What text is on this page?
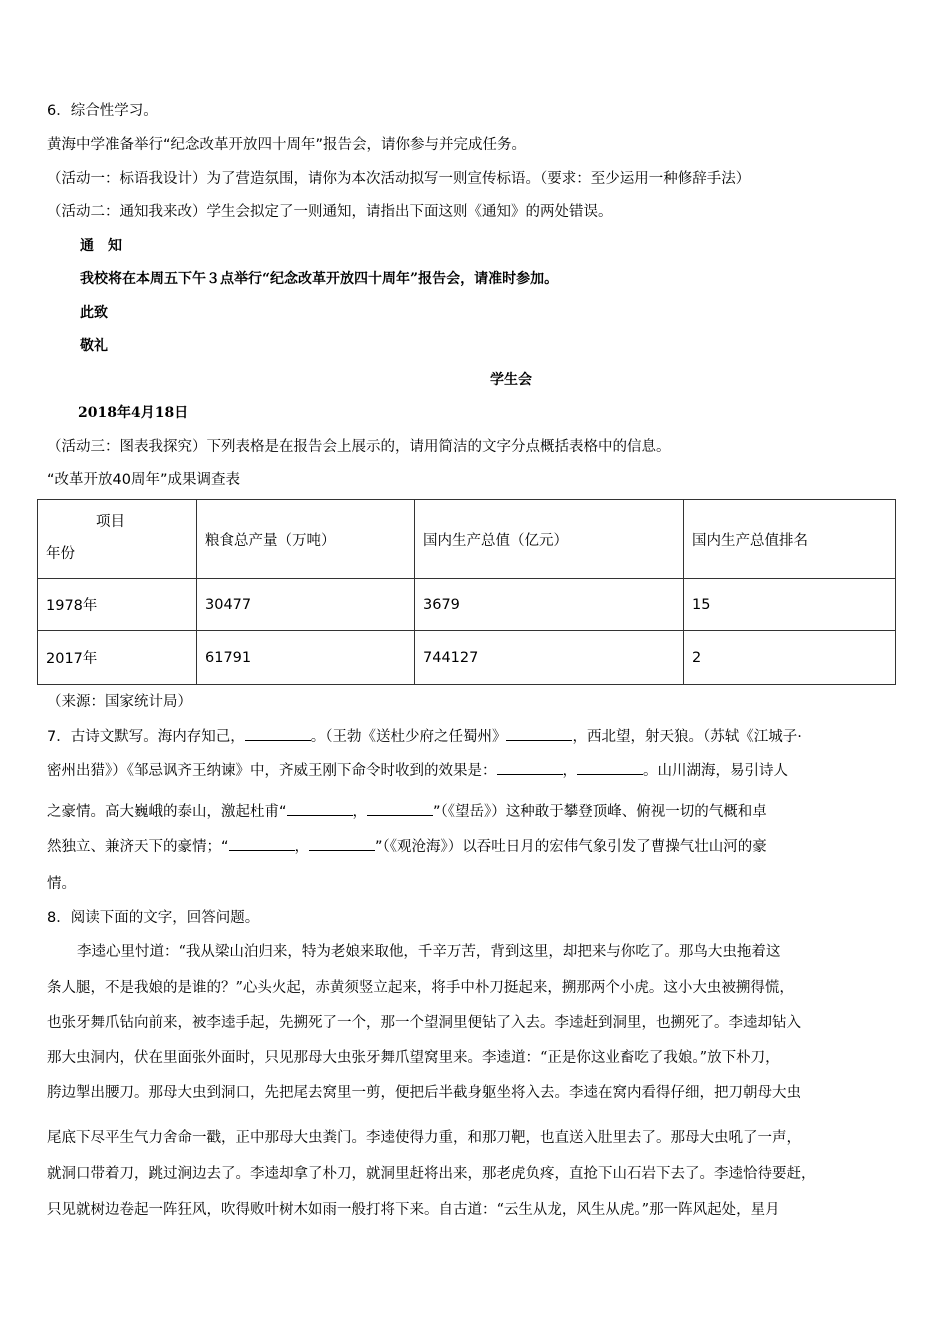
6．综合性学习。
黄海中学准备举行“纪念改革开放四十周年”报告会，请你参与并完成任务。
（活动一：标语我设计）为了营造氛围，请你为本次活动拟写一则宣传标语。（要求：至少运用一种修辞手法）
（活动二：通知我来改）学生会拟定了一则通知，请指出下面这则《通知》的两处错误。
通　知
我校将在本周五下午３点举行“纪念改革开放四十周年”报告会，请准时参加。
此致
敬礼
学生会
2018年4月18日
（活动三：图表我探究）下列表格是在报告会上展示的，请用简洁的文字分点概括表格中的信息。
“改革开放40周年”成果调查表
项目
年份	粮食总产量（万吨）	国内生产总值（亿元）	国内生产总值排名
1978年	30477	3679	15
2017年	61791	744127	2
（来源：国家统计局）
7．古诗文默写。海内存知己，	。（王勃《送杜少府之任蜀州》	，西北望，射天狼。（苏轼《江城子·
密州出猎》）《邹忌讽齐王纳谏》中，齐威王刚下命令时收到的效果是：	，	。山川湖海，易引诗人
之豪情。高大巍峨的泰山，激起杜甫“	，	”（《望岳》）这种敢于攀登顶峰、俯视一切的气概和卓
然独立、兼济天下的豪情；“	，	”（《观沧海》）以吞吐日月的宏伟气象引发了曹操气壮山河的豪
情。
8．阅读下面的文字，回答问题。
李逵心里忖道：“我从梁山泊归来，特为老娘来取他，千辛万苦，背到这里，却把来与你吃了。那鸟大虫拖着这
条人腿，不是我娘的是谁的？”心头火起，赤黄须竖立起来，将手中朴刀挺起来，搠那两个小虎。这小大虫被搠得慌，
也张牙舞爪钻向前来，被李逵手起，先搠死了一个，那一个望洞里便钻了入去。李逵赶到洞里，也搠死了。李逵却钻入
那大虫洞内，伏在里面张外面时，只见那母大虫张牙舞爪望窝里来。李逵道：“正是你这业畜吃了我娘。”放下朴刀，
胯边掣出腰刀。那母大虫到洞口，先把尾去窝里一剪，便把后半截身躯坐将入去。李逵在窝内看得仔细，把刀朝母大虫
尾底下尽平生气力舍命一戳，正中那母大虫粪门。李逵使得力重，和那刀靶，也直送入肚里去了。那母大虫吼了一声，
就洞口带着刀，跳过涧边去了。李逵却拿了朴刀，就洞里赶将出来，那老虎负疼，直抢下山石岩下去了。李逵恰待要赶，
只见就树边卷起一阵狂风，吹得败叶树木如雨一般打将下来。自古道：“云生从龙，风生从虎。”那一阵风起处，星月
